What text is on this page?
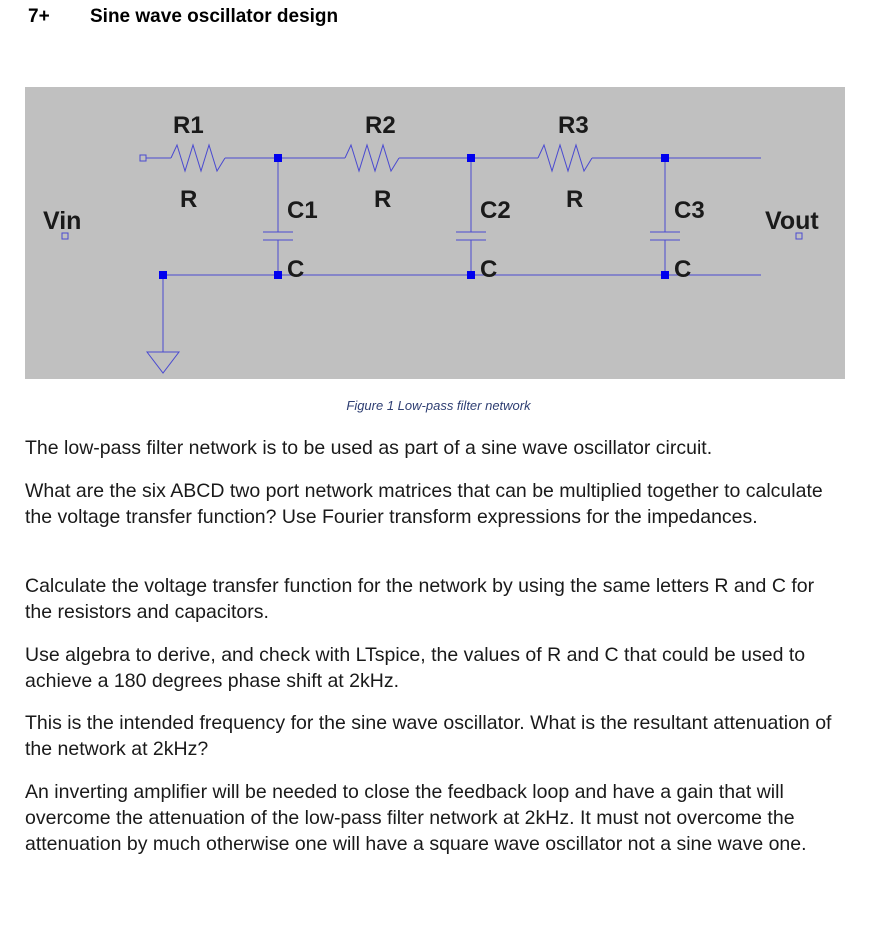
7+ Sine wave oscillator design
Vin	Vout
R1	R2	R3
R	R	R
C1	C2	C3
C	C	C
Figure 1 Low-pass filter network

The low-pass filter network is to be used as part of a sine wave oscillator circuit.

What are the six ABCD two port network matrices that can be multiplied together to calculate the voltage transfer function? Use Fourier transform expressions for the impedances.

Calculate the voltage transfer function for the network by using the same letters R and C for the resistors and capacitors.

Use algebra to derive, and check with LTspice, the values of R and C that could be used to achieve a 180 degrees phase shift at 2kHz.

This is the intended frequency for the sine wave oscillator. What is the resultant attenuation of the network at 2kHz?

An inverting amplifier will be needed to close the feedback loop and have a gain that will overcome the attenuation of the low-pass filter network at 2kHz. It must not overcome the attenuation by much otherwise one will have a square wave oscillator not a sine wave one.
